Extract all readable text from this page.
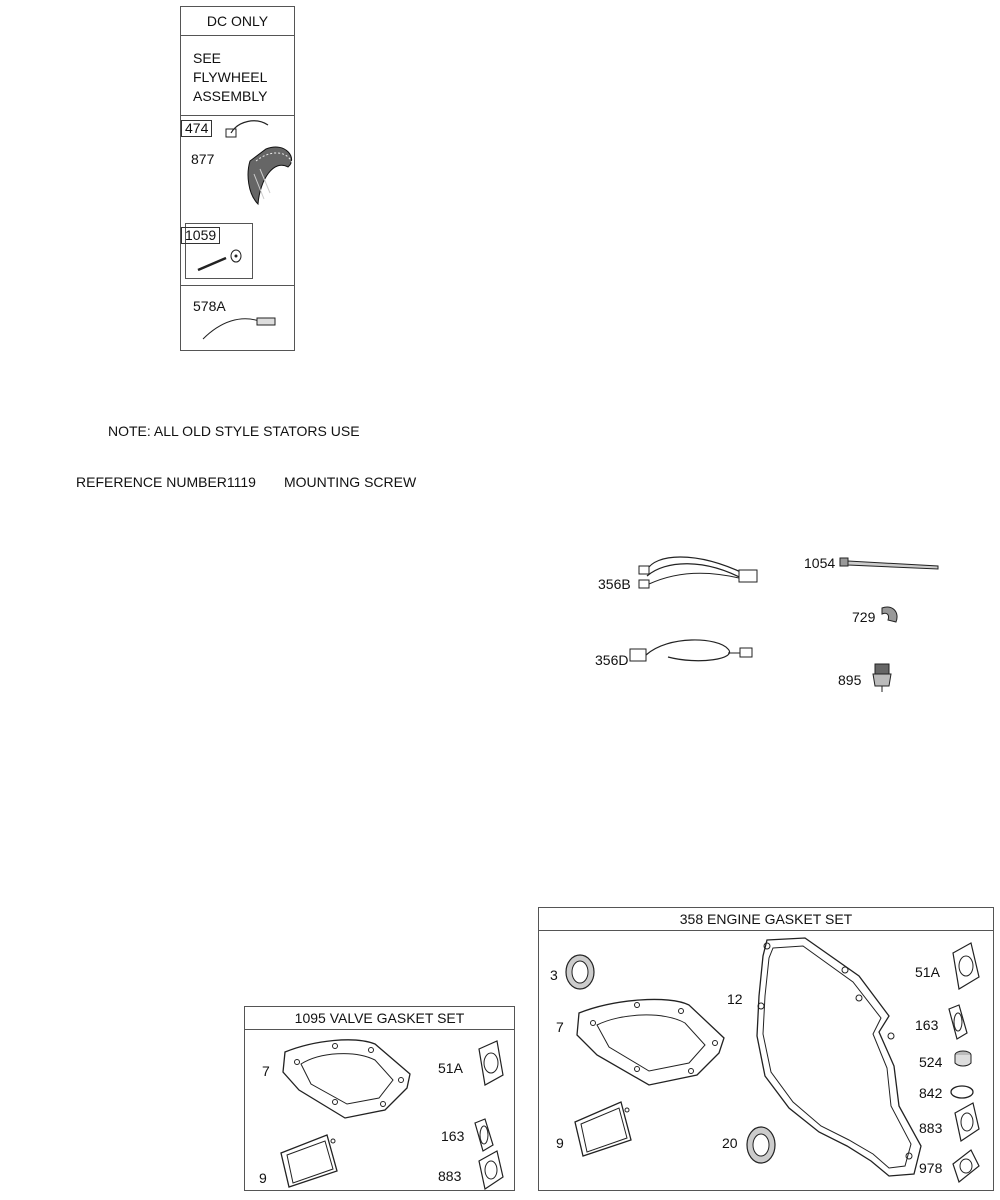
DC ONLY
SEE
FLYWHEEL
ASSEMBLY
474
877
1059
578A

NOTE: ALL OLD STYLE STATORS USE

REFERENCE NUMBER1119 MOUNTING SCREW

356B
356D
1054
729
895
1095 VALVE GASKET SET
7
9
51A
163
883
358 ENGINE GASKET SET
3
7
9
12
20
51A
163
524
842
883
978
